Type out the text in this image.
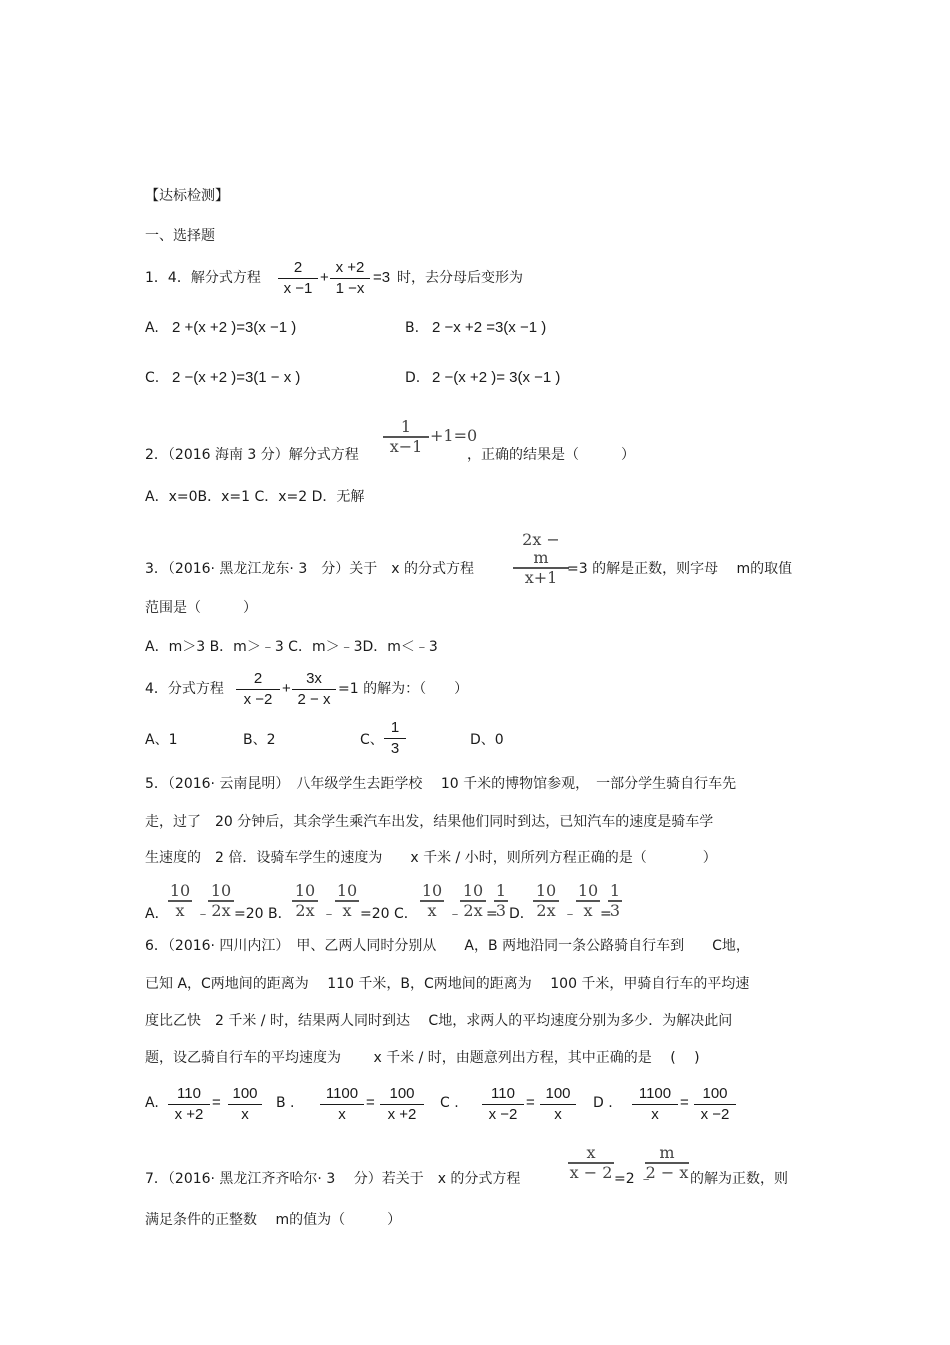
【达标检测】
一、选择题
1．4．解分式方程 $\frac{2}{x -1} + \frac{x +2}{1 -x} =3$ 时，去分母后变形为
A. 2 +(x +2 )=3(x −1 )	B. 2 −x +2 =3(x −1 )
C. 2 −(x +2 )=3(1 − x )	D. 2 −(x +2 )= 3(x −1 )
2．（2016 海南 3 分）解分式方程 $\frac{1}{x-1} +1=0$
，正确的结果是（　　　）
A．x=0B．x=1 C．x=2 D．无解
3．（2016· 黑龙江龙东· 3　分）关于　x 的分式方程 $\frac{2x - m}{x+1}$
=3 的解是正数，则字母　 m的取值
范围是（　　　）
A．m＞3 B．m＞﹣3 C．m＞﹣3D．m＜﹣3
4．分式方程 $\frac{2}{x -2} + \frac{3x}{2 - x} =1$ 的解为：（　　）
A、1	B、2	C、 $\frac{1}{3}$	D、0
5．（2016· 云南昆明）　八年级学生去距学校　 10 千米的博物馆参观，　一部分学生骑自行车先
走，过了　20 分钟后，其余学生乘汽车出发，结果他们同时到达，已知汽车的速度是骑车学
生速度的　2 倍．设骑车学生的速度为　　x 千米 / 小时，则所列方程正确的是（　　　　）
A． $\frac{10}{x}$ ﹣
$\frac{10}{2x} =20$ B． $\frac{10}{2x}$ ﹣ $\frac{10}{x} =20$ C． $\frac{10}{x}$ ﹣
$\frac{10}{2x}$ =
$\frac{1}{3}$ D． $\frac{10}{2x}$ ﹣ $\frac{10}{x}$ =
$\frac{1}{3}$
6．（2016· 四川内江）　甲、乙两人同时分别从　　A，B 两地沿同一条公路骑自行车到　　C地，
已知 A，C两地间的距离为　 110 千米，B，C两地间的距离为　 100 千米，甲骑自行车的平均速
度比乙快　2 千米 / 时，结果两人同时到达　 C地，求两人的平均速度分别为多少．为解决此问
题，设乙骑自行车的平均速度为　　 x 千米 / 时，由题意列出方程，其中正确的是　 ( 　)
A. $\frac{110}{x +2} = \frac{100}{x}$ B . $\frac{1100}{x} = \frac{100}{x +2}$ C . $\frac{110}{x -2} = \frac{100}{x}$ D . $\frac{1100}{x} = \frac{100}{x -2}$
7．（2016· 黑龙江齐齐哈尔· 3　 分）若关于　x 的分式方程	$\frac{x}{x - 2} =2$ ﹣
$\frac{m}{2 - x}$ 的解为正数，则
满足条件的正整数　 m的值为（　　　）
